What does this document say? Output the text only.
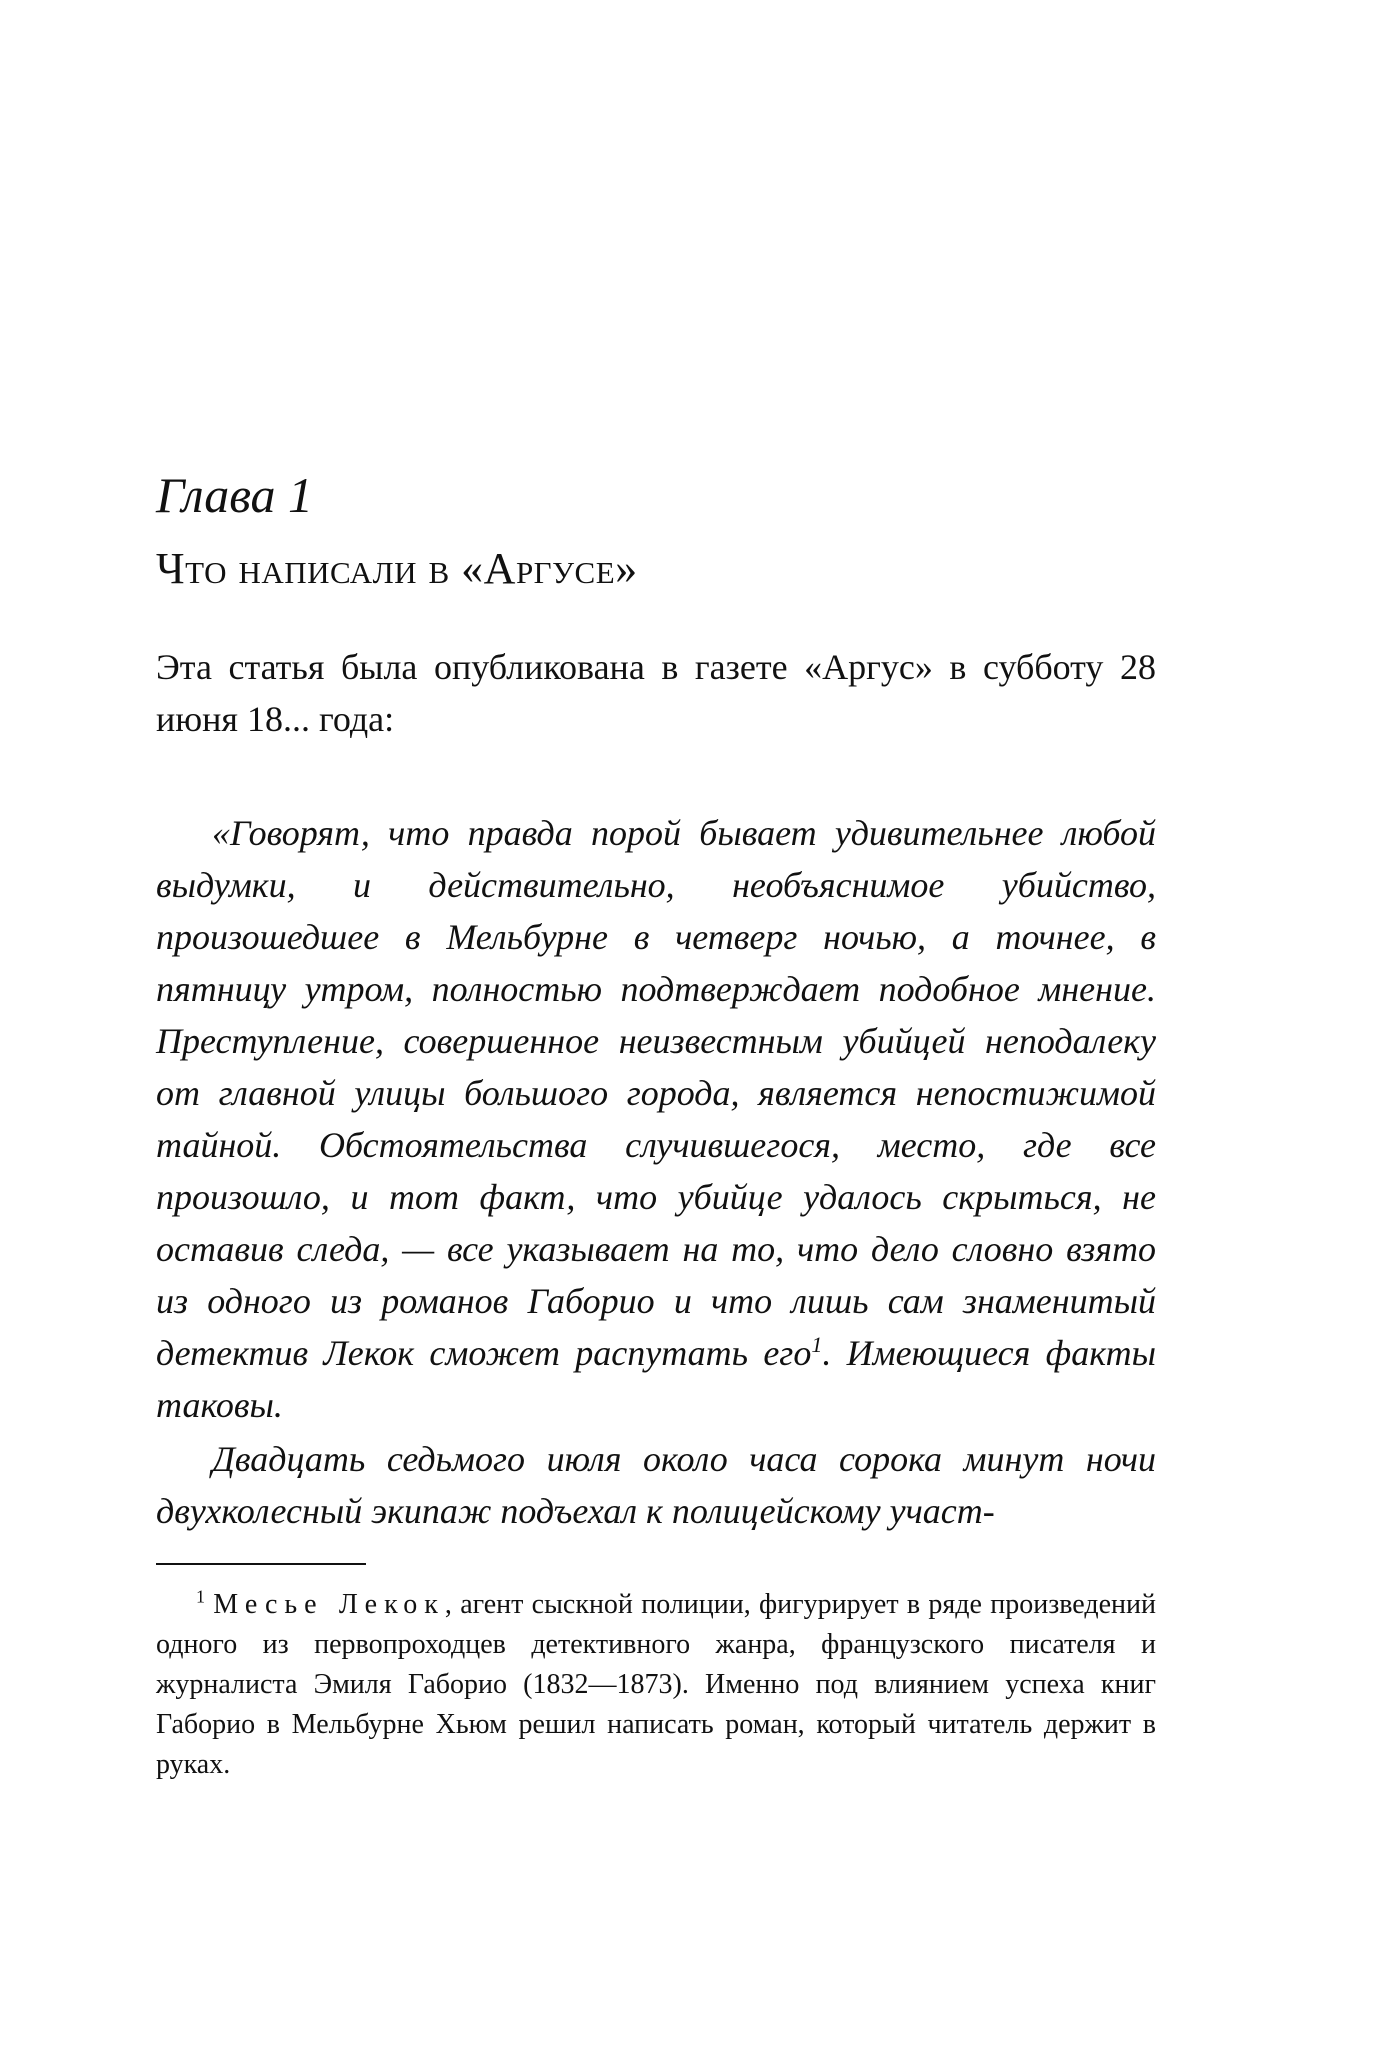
Глава 1
Что написали в «Аргусе»

Эта статья была опубликована в газете «Аргус» в субботу 28 июня 18... года:

«Говорят, что правда порой бывает удивительнее любой выдумки, и действительно, необъяснимое убийство, произошедшее в Мельбурне в четверг ночью, а точнее, в пятницу утром, полностью подтверждает подобное мнение. Преступление, совершенное неизвестным убийцей неподалеку от главной улицы большого города, является непостижимой тайной. Обстоятельства случившегося, место, где все произошло, и тот факт, что убийце удалось скрыться, не оставив следа, — все указывает на то, что дело словно взято из одного из романов Габорио и что лишь сам знаменитый детектив Лекок сможет распутать его$^1$. Имеющиеся факты таковы.

Двадцать седьмого июля около часа сорока минут ночи двухколесный экипаж подъехал к полицейскому участ-

$^1$ Месье Лекок, агент сыскной полиции, фигурирует в ряде произведений одного из первопроходцев детективного жанра, французского писателя и журналиста Эмиля Габорио (1832—1873). Именно под влиянием успеха книг Габорио в Мельбурне Хьюм решил написать роман, который читатель держит в руках.
